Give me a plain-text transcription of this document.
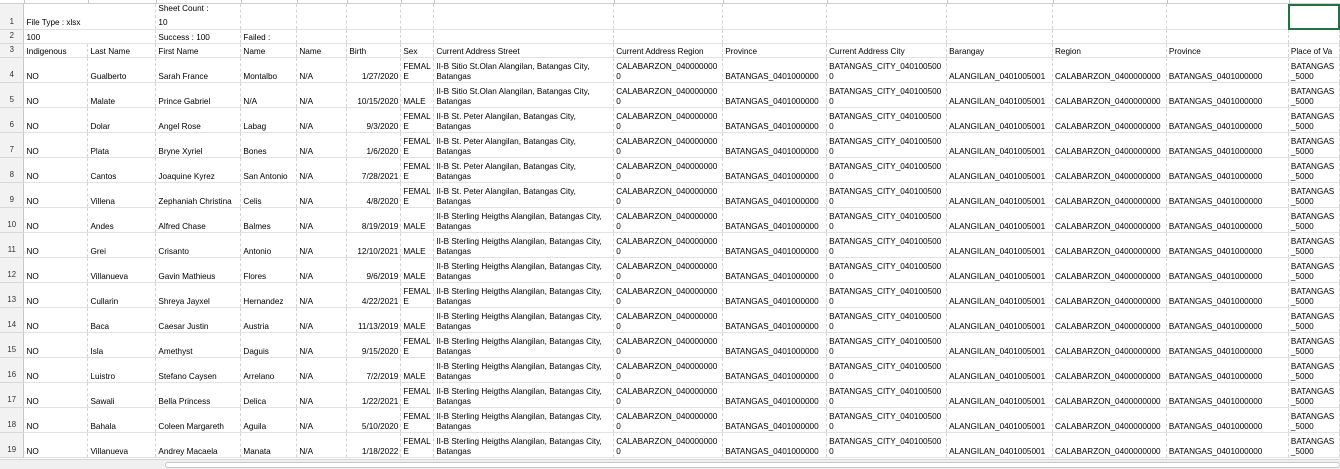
1	File Type : xlsx		Sheet Count :
10												

2	100		Success : 100	Failed :											
3	Indigenous	Last Name	First Name	Name	Name	Birth	Sex	Current Address Street	Current Address Region	Province	Current Address City	Barangay	Region	Province	Place of Va
4	NO	Gualberto	Sarah France	Montalbo	N/A	1/27/2020	FEMALE	II-B Sitio St.Olan Alangilan, Batangas City, Batangas	CALABARZON_0400000000	BATANGAS_0401000000	BATANGAS_CITY_0401005000	ALANGILAN_0401005001	CALABARZON_0400000000	BATANGAS_0401000000	BATANGAS_5000
5	NO	Malate	Prince Gabriel	N/A	N/A	10/15/2020	MALE	II-B Sitio St.Olan Alangilan, Batangas City, Batangas	CALABARZON_0400000000	BATANGAS_0401000000	BATANGAS_CITY_0401005000	ALANGILAN_0401005001	CALABARZON_0400000000	BATANGAS_0401000000	BATANGAS_5000
6	NO	Dolar	Angel Rose	Labag	N/A	9/3/2020	FEMALE	II-B St. Peter Alangilan, Batangas City, Batangas	CALABARZON_0400000000	BATANGAS_0401000000	BATANGAS_CITY_0401005000	ALANGILAN_0401005001	CALABARZON_0400000000	BATANGAS_0401000000	BATANGAS_5000
7	NO	Plata	Bryne Xyriel	Bones	N/A	1/6/2020	FEMALE	II-B St. Peter Alangilan, Batangas City, Batangas	CALABARZON_0400000000	BATANGAS_0401000000	BATANGAS_CITY_0401005000	ALANGILAN_0401005001	CALABARZON_0400000000	BATANGAS_0401000000	BATANGAS_5000
8	NO	Cantos	Joaquine Kyrez	San Antonio	N/A	7/28/2021	FEMALE	II-B St. Peter Alangilan, Batangas City, Batangas	CALABARZON_0400000000	BATANGAS_0401000000	BATANGAS_CITY_0401005000	ALANGILAN_0401005001	CALABARZON_0400000000	BATANGAS_0401000000	BATANGAS_5000
9	NO	Villena	Zephaniah Christina	Celis	N/A	4/8/2020	FEMALE	II-B St. Peter Alangilan, Batangas City, Batangas	CALABARZON_0400000000	BATANGAS_0401000000	BATANGAS_CITY_0401005000	ALANGILAN_0401005001	CALABARZON_0400000000	BATANGAS_0401000000	BATANGAS_5000
10	NO	Andes	Alfred Chase	Balmes	N/A	8/19/2019	MALE	II-B Sterling Heigths Alangilan, Batangas City, Batangas	CALABARZON_0400000000	BATANGAS_0401000000	BATANGAS_CITY_0401005000	ALANGILAN_0401005001	CALABARZON_0400000000	BATANGAS_0401000000	BATANGAS_5000
11	NO	Grei	Crisanto	Antonio	N/A	12/10/2021	MALE	II-B Sterling Heigths Alangilan, Batangas City, Batangas	CALABARZON_0400000000	BATANGAS_0401000000	BATANGAS_CITY_0401005000	ALANGILAN_0401005001	CALABARZON_0400000000	BATANGAS_0401000000	BATANGAS_5000
12	NO	Villanueva	Gavin Mathieus	Flores	N/A	9/6/2019	MALE	II-B Sterling Heigths Alangilan, Batangas City, Batangas	CALABARZON_0400000000	BATANGAS_0401000000	BATANGAS_CITY_0401005000	ALANGILAN_0401005001	CALABARZON_0400000000	BATANGAS_0401000000	BATANGAS_5000
13	NO	Cullarin	Shreya Jayxel	Hernandez	N/A	4/22/2021	FEMALE	II-B Sterling Heigths Alangilan, Batangas City, Batangas	CALABARZON_0400000000	BATANGAS_0401000000	BATANGAS_CITY_0401005000	ALANGILAN_0401005001	CALABARZON_0400000000	BATANGAS_0401000000	BATANGAS_5000
14	NO	Baca	Caesar Justin	Austria	N/A	11/13/2019	MALE	II-B Sterling Heigths Alangilan, Batangas City, Batangas	CALABARZON_0400000000	BATANGAS_0401000000	BATANGAS_CITY_0401005000	ALANGILAN_0401005001	CALABARZON_0400000000	BATANGAS_0401000000	BATANGAS_5000
15	NO	Isla	Amethyst	Daguis	N/A	9/15/2020	FEMALE	II-B Sterling Heigths Alangilan, Batangas City, Batangas	CALABARZON_0400000000	BATANGAS_0401000000	BATANGAS_CITY_0401005000	ALANGILAN_0401005001	CALABARZON_0400000000	BATANGAS_0401000000	BATANGAS_5000
16	NO	Luistro	Stefano Caysen	Arrelano	N/A	7/2/2019	MALE	II-B Sterling Heigths Alangilan, Batangas City, Batangas	CALABARZON_0400000000	BATANGAS_0401000000	BATANGAS_CITY_0401005000	ALANGILAN_0401005001	CALABARZON_0400000000	BATANGAS_0401000000	BATANGAS_5000
17	NO	Sawali	Bella Princess	Delica	N/A	1/22/2021	FEMALE	II-B Sterling Heigths Alangilan, Batangas City, Batangas	CALABARZON_0400000000	BATANGAS_0401000000	BATANGAS_CITY_0401005000	ALANGILAN_0401005001	CALABARZON_0400000000	BATANGAS_0401000000	BATANGAS_5000
18	NO	Bahala	Coleen Margareth	Aguila	N/A	5/10/2020	FEMALE	II-B Sterling Heigths Alangilan, Batangas City, Batangas	CALABARZON_0400000000	BATANGAS_0401000000	BATANGAS_CITY_0401005000	ALANGILAN_0401005001	CALABARZON_0400000000	BATANGAS_0401000000	BATANGAS_5000
19	NO	Villanueva	Andrey Macaela	Manata	N/A	1/18/2022	FEMALE	II-B Sterling Heigths Alangilan, Batangas City, Batangas	CALABARZON_0400000000	BATANGAS_0401000000	BATANGAS_CITY_0401005000	ALANGILAN_0401005001	CALABARZON_0400000000	BATANGAS_0401000000	BATANGAS_5000
